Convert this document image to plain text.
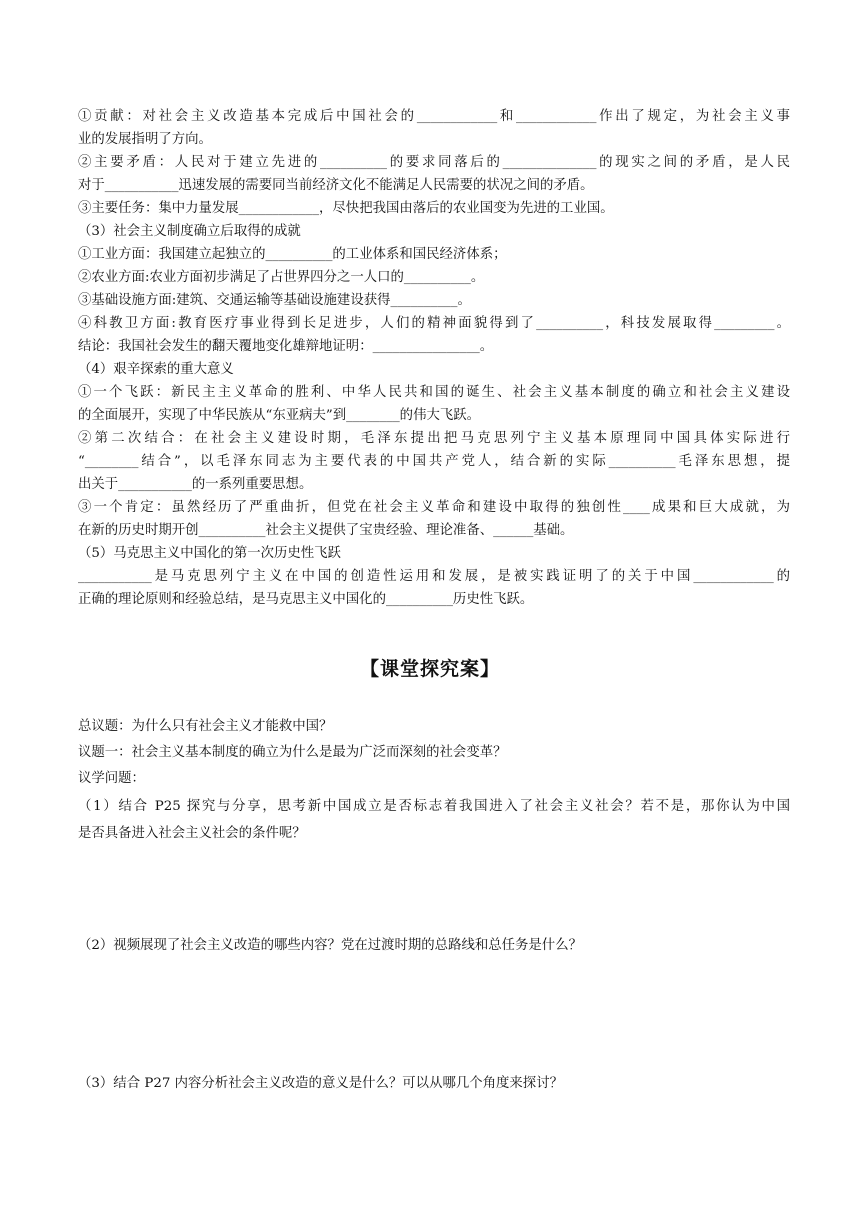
①贡献：对社会主义改造基本完成后中国社会的____________和____________作出了规定，为社会主义事
业的发展指明了方向。
②主要矛盾：人民对于建立先进的__________的要求同落后的______________的现实之间的矛盾，是人民
对于___________迅速发展的需要同当前经济文化不能满足人民需要的状况之间的矛盾。
③主要任务：集中力量发展____________，尽快把我国由落后的农业国变为先进的工业国。
（3）社会主义制度确立后取得的成就
①工业方面：我国建立起独立的__________的工业体系和国民经济体系；
②农业方面:农业方面初步满足了占世界四分之一人口的__________。
③基础设施方面:建筑、交通运输等基础设施建设获得__________。
④科教卫方面:教育医疗事业得到长足进步，人们的精神面貌得到了__________，科技发展取得_________。
结论：我国社会发生的翻天覆地变化雄辩地证明：________________。
（4）艰辛探索的重大意义
①一个飞跃：新民主主义革命的胜利、中华人民共和国的诞生、社会主义基本制度的确立和社会主义建设
的全面展开，实现了中华民族从“东亚病夫”到________的伟大飞跃。
②第二次结合：在社会主义建设时期，毛泽东提出把马克思列宁主义基本原理同中国具体实际进行
“________结合”，以毛泽东同志为主要代表的中国共产党人，结合新的实际__________毛泽东思想，提
出关于___________的一系列重要思想。
③一个肯定：虽然经历了严重曲折，但党在社会主义革命和建设中取得的独创性____成果和巨大成就，为
在新的历史时期开创__________社会主义提供了宝贵经验、理论准备、______基础。
（5）马克思主义中国化的第一次历史性飞跃
___________是马克思列宁主义在中国的创造性运用和发展，是被实践证明了的关于中国____________的
正确的理论原则和经验总结，是马克思主义中国化的__________历史性飞跃。
【课堂探究案】
总议题：为什么只有社会主义才能救中国？
议题一：社会主义基本制度的确立为什么是最为广泛而深刻的社会变革？
议学问题：
（1）结合 P25 探究与分享，思考新中国成立是否标志着我国进入了社会主义社会？若不是，那你认为中国
是否具备进入社会主义社会的条件呢？
（2）视频展现了社会主义改造的哪些内容？党在过渡时期的总路线和总任务是什么？
（3）结合 P27 内容分析社会主义改造的意义是什么？可以从哪几个角度来探讨？
